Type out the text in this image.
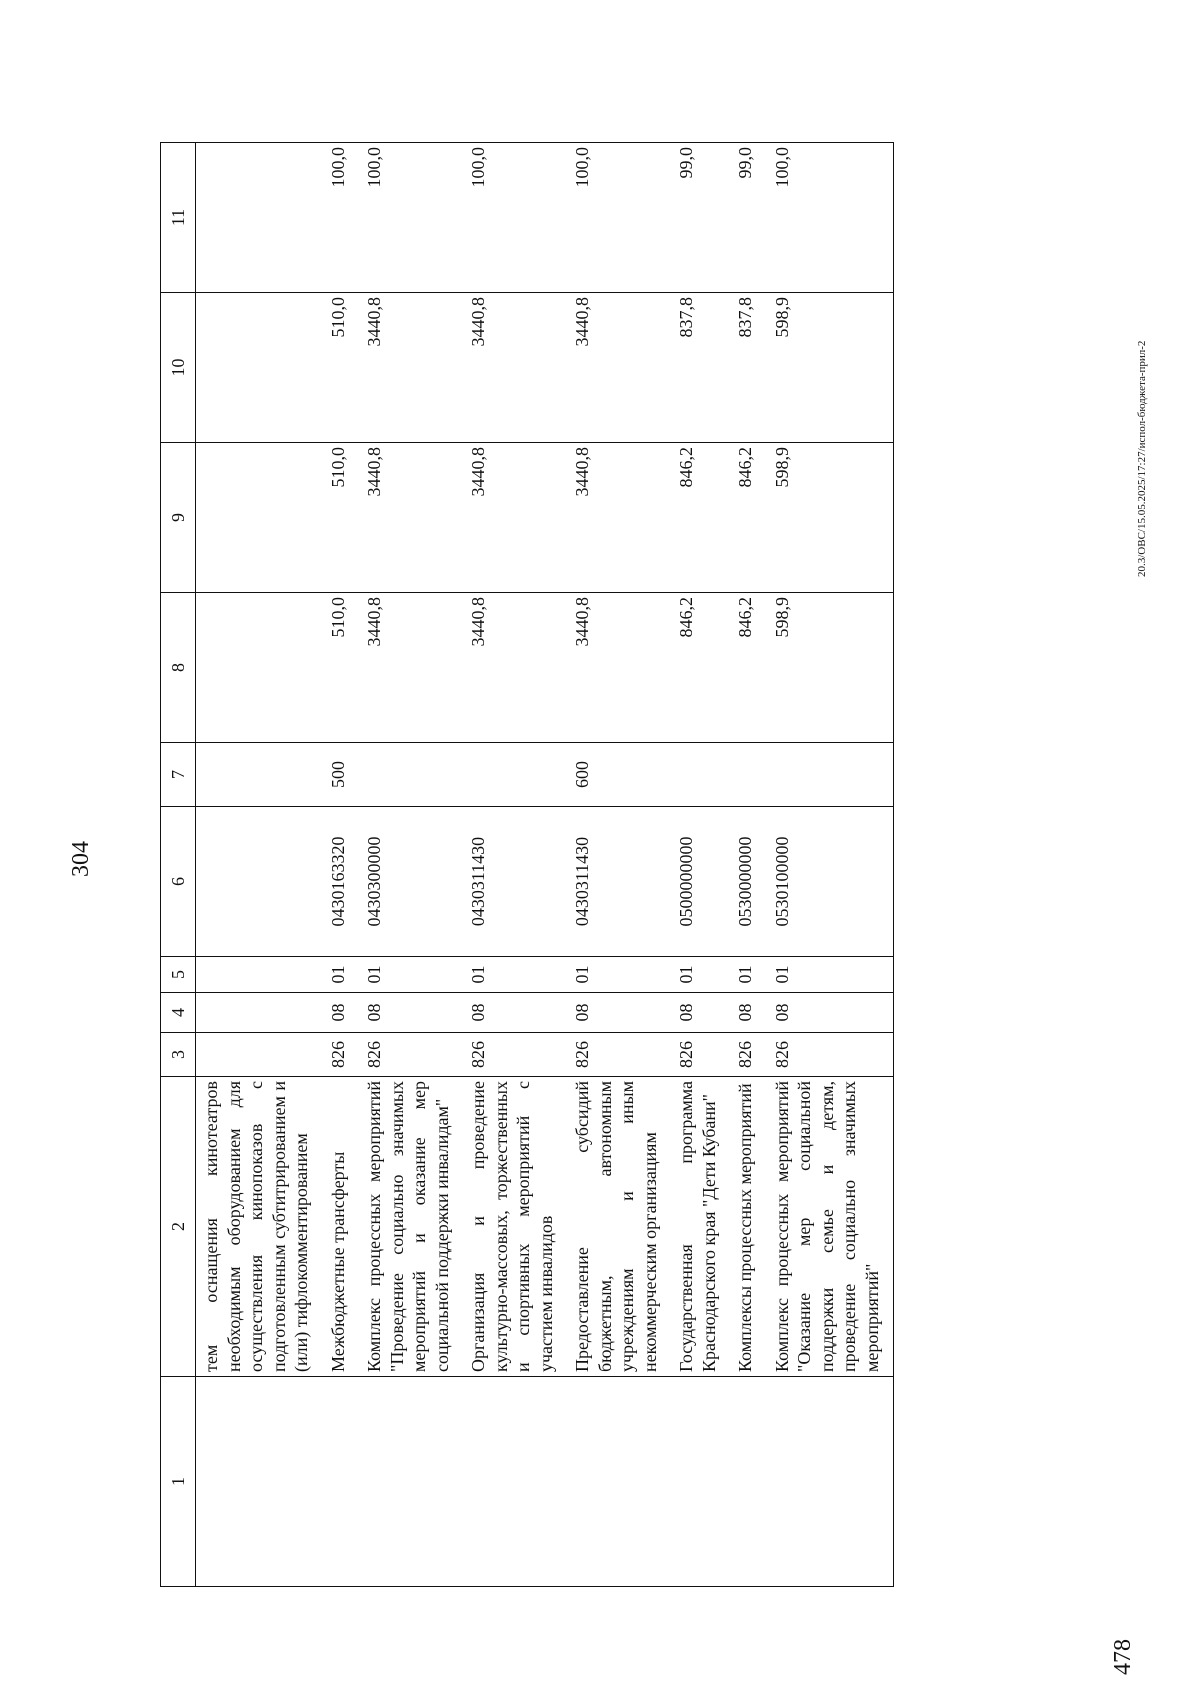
304
1	2	3	4	5	6	7	8	9	10	11
	тем оснащения кинотеатров необходимым оборудованием для осуществления кинопоказов с подготовленным субтитрированием и (или) тифлокомментированием									
	Межбюджетные трансферты	826	08	01	0430163320	500	510,0	510,0	510,0	100,0
	Комплекс процессных мероприятий "Проведение социально значимых мероприятий и оказание мер социальной поддержки инвалидам"	826	08	01	0430300000		3440,8	3440,8	3440,8	100,0
	Организация и проведение культурно-массовых, торжественных и спортивных мероприятий с участием инвалидов	826	08	01	0430311430		3440,8	3440,8	3440,8	100,0
	Предоставление субсидий бюджетным, автономным учреждениям и иным некоммерческим организациям	826	08	01	0430311430	600	3440,8	3440,8	3440,8	100,0
	Государственная программа Краснодарского края "Дети Кубани"	826	08	01	0500000000		846,2	846,2	837,8	99,0
	Комплексы процессных мероприятий	826	08	01	0530000000		846,2	846,2	837,8	99,0
	Комплекс процессных мероприятий "Оказание мер социальной поддержки семье и детям, проведение социально значимых мероприятий"	826	08	01	0530100000		598,9	598,9	598,9	100,0
20.3/ОВС/15.05.2025/17:27/испол-бюджета-прил-2
478
